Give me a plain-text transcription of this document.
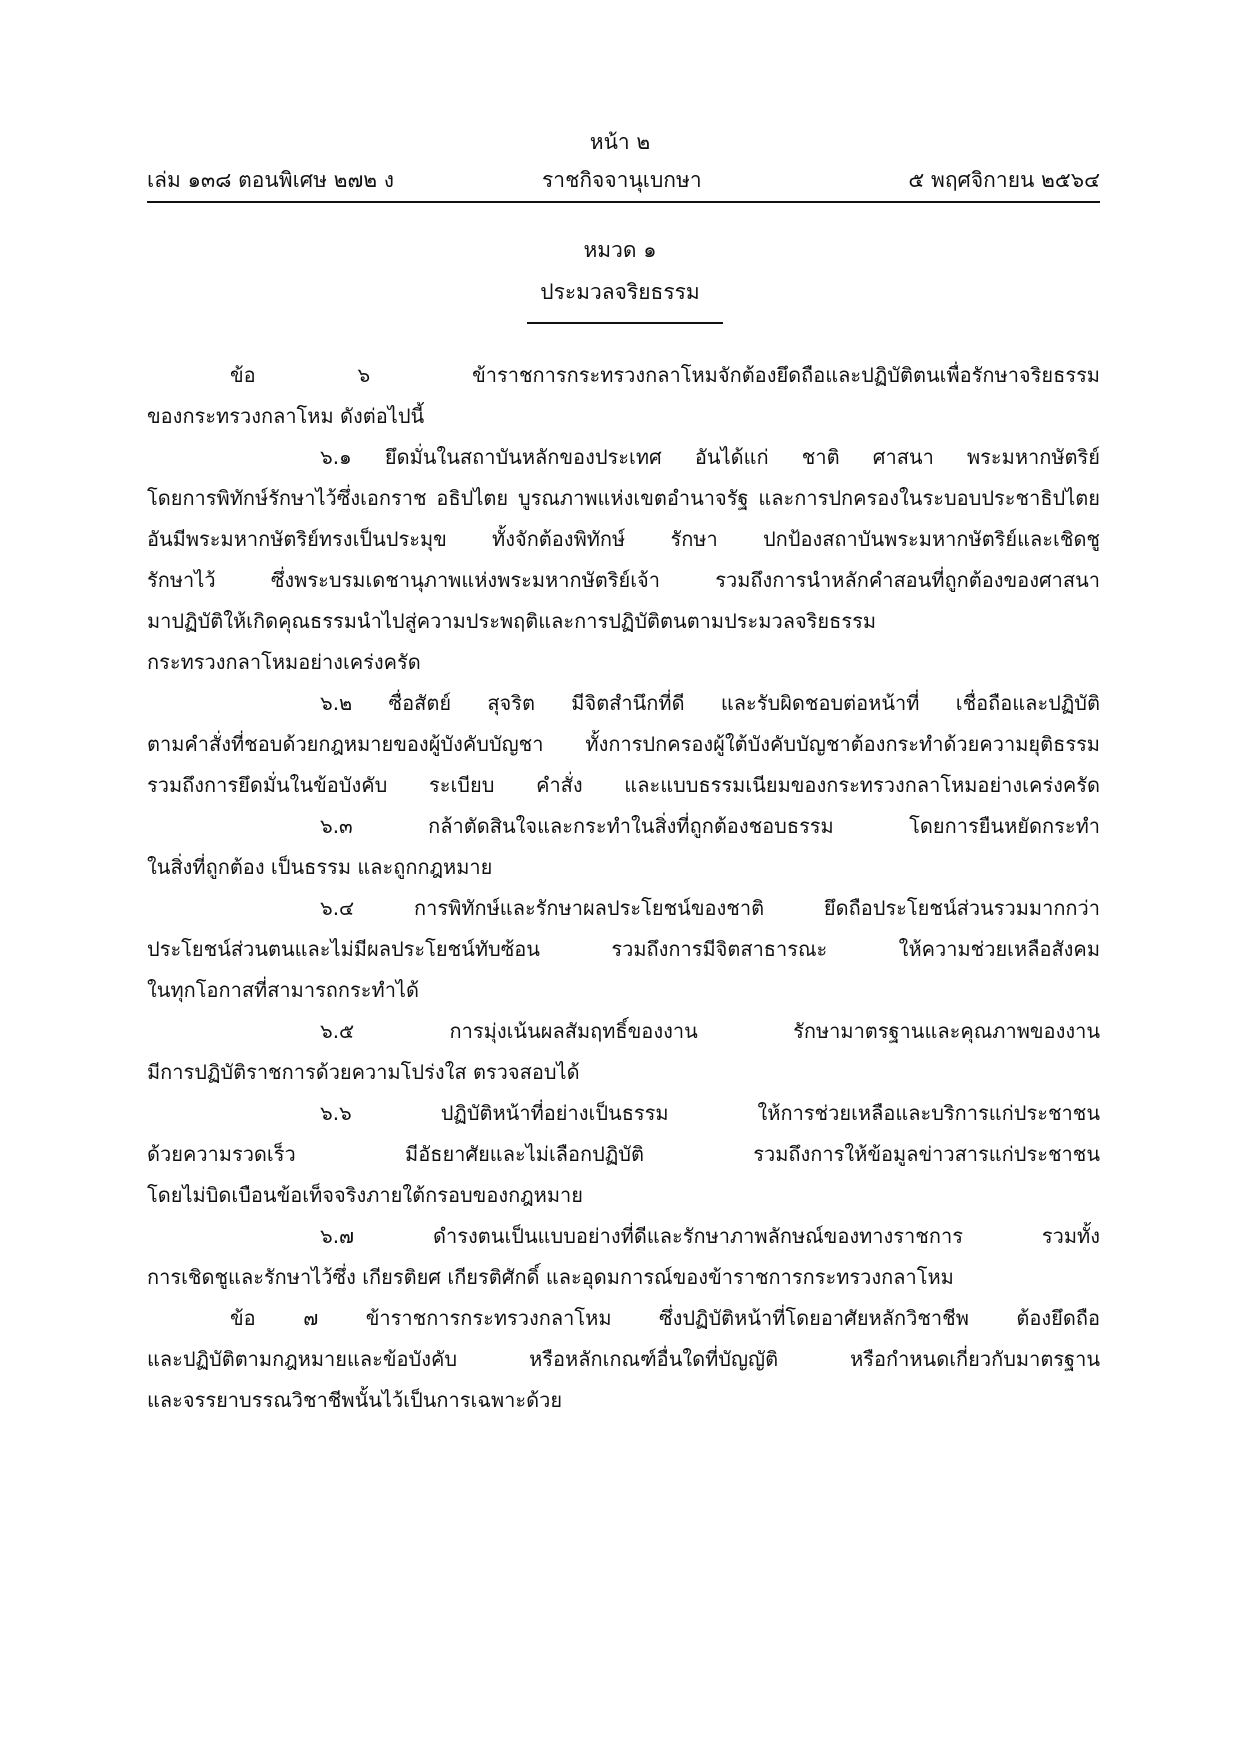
หน้า ๒
เล่ม ๑๓๘ ตอนพิเศษ ๒๗๒ ง	ราชกิจจานุเบกษา	๕ พฤศจิกายน ๒๕๖๔
หมวด ๑
ประมวลจริยธรรม
ข้อ ๖ ข้าราชการกระทรวงกลาโหมจักต้องยึดถือและปฏิบัติตนเพื่อรักษาจริยธรรม
ของกระทรวงกลาโหม ดังต่อไปนี้
๖.๑ ยึดมั่นในสถาบันหลักของประเทศ อันได้แก่ ชาติ ศาสนา พระมหากษัตริย์
โดยการพิทักษ์รักษาไว้ซึ่งเอกราช อธิปไตย บูรณภาพแห่งเขตอำนาจรัฐ และการปกครองในระบอบประชาธิปไตย
อันมีพระมหากษัตริย์ทรงเป็นประมุข ทั้งจักต้องพิทักษ์ รักษา ปกป้องสถาบันพระมหากษัตริย์และเชิดชู
รักษาไว้ ซึ่งพระบรมเดชานุภาพแห่งพระมหากษัตริย์เจ้า รวมถึงการนำหลักคำสอนที่ถูกต้องของศาสนา
มาปฏิบัติให้เกิดคุณธรรมนำไปสู่ความประพฤติและการปฏิบัติตนตามประมวลจริยธรรม
กระทรวงกลาโหมอย่างเคร่งครัด
๖.๒ ซื่อสัตย์ สุจริต มีจิตสำนึกที่ดี และรับผิดชอบต่อหน้าที่ เชื่อถือและปฏิบัติ
ตามคำสั่งที่ชอบด้วยกฎหมายของผู้บังคับบัญชา ทั้งการปกครองผู้ใต้บังคับบัญชาต้องกระทำด้วยความยุติธรรม
รวมถึงการยึดมั่นในข้อบังคับ ระเบียบ คำสั่ง และแบบธรรมเนียมของกระทรวงกลาโหมอย่างเคร่งครัด
๖.๓ กล้าตัดสินใจและกระทำในสิ่งที่ถูกต้องชอบธรรม โดยการยืนหยัดกระทำ
ในสิ่งที่ถูกต้อง เป็นธรรม และถูกกฎหมาย
๖.๔ การพิทักษ์และรักษาผลประโยชน์ของชาติ ยึดถือประโยชน์ส่วนรวมมากกว่า
ประโยชน์ส่วนตนและไม่มีผลประโยชน์ทับซ้อน รวมถึงการมีจิตสาธารณะ ให้ความช่วยเหลือสังคม
ในทุกโอกาสที่สามารถกระทำได้
๖.๕ การมุ่งเน้นผลสัมฤทธิ์ของงาน รักษามาตรฐานและคุณภาพของงาน
มีการปฏิบัติราชการด้วยความโปร่งใส ตรวจสอบได้
๖.๖ ปฏิบัติหน้าที่อย่างเป็นธรรม ให้การช่วยเหลือและบริการแก่ประชาชน
ด้วยความรวดเร็ว มีอัธยาศัยและไม่เลือกปฏิบัติ รวมถึงการให้ข้อมูลข่าวสารแก่ประชาชน
โดยไม่บิดเบือนข้อเท็จจริงภายใต้กรอบของกฎหมาย
๖.๗ ดำรงตนเป็นแบบอย่างที่ดีและรักษาภาพลักษณ์ของทางราชการ รวมทั้ง
การเชิดชูและรักษาไว้ซึ่ง เกียรติยศ เกียรติศักดิ์ และอุดมการณ์ของข้าราชการกระทรวงกลาโหม
ข้อ ๗ ข้าราชการกระทรวงกลาโหม ซึ่งปฏิบัติหน้าที่โดยอาศัยหลักวิชาชีพ ต้องยึดถือ
และปฏิบัติตามกฎหมายและข้อบังคับ หรือหลักเกณฑ์อื่นใดที่บัญญัติ หรือกำหนดเกี่ยวกับมาตรฐาน
และจรรยาบรรณวิชาชีพนั้นไว้เป็นการเฉพาะด้วย
